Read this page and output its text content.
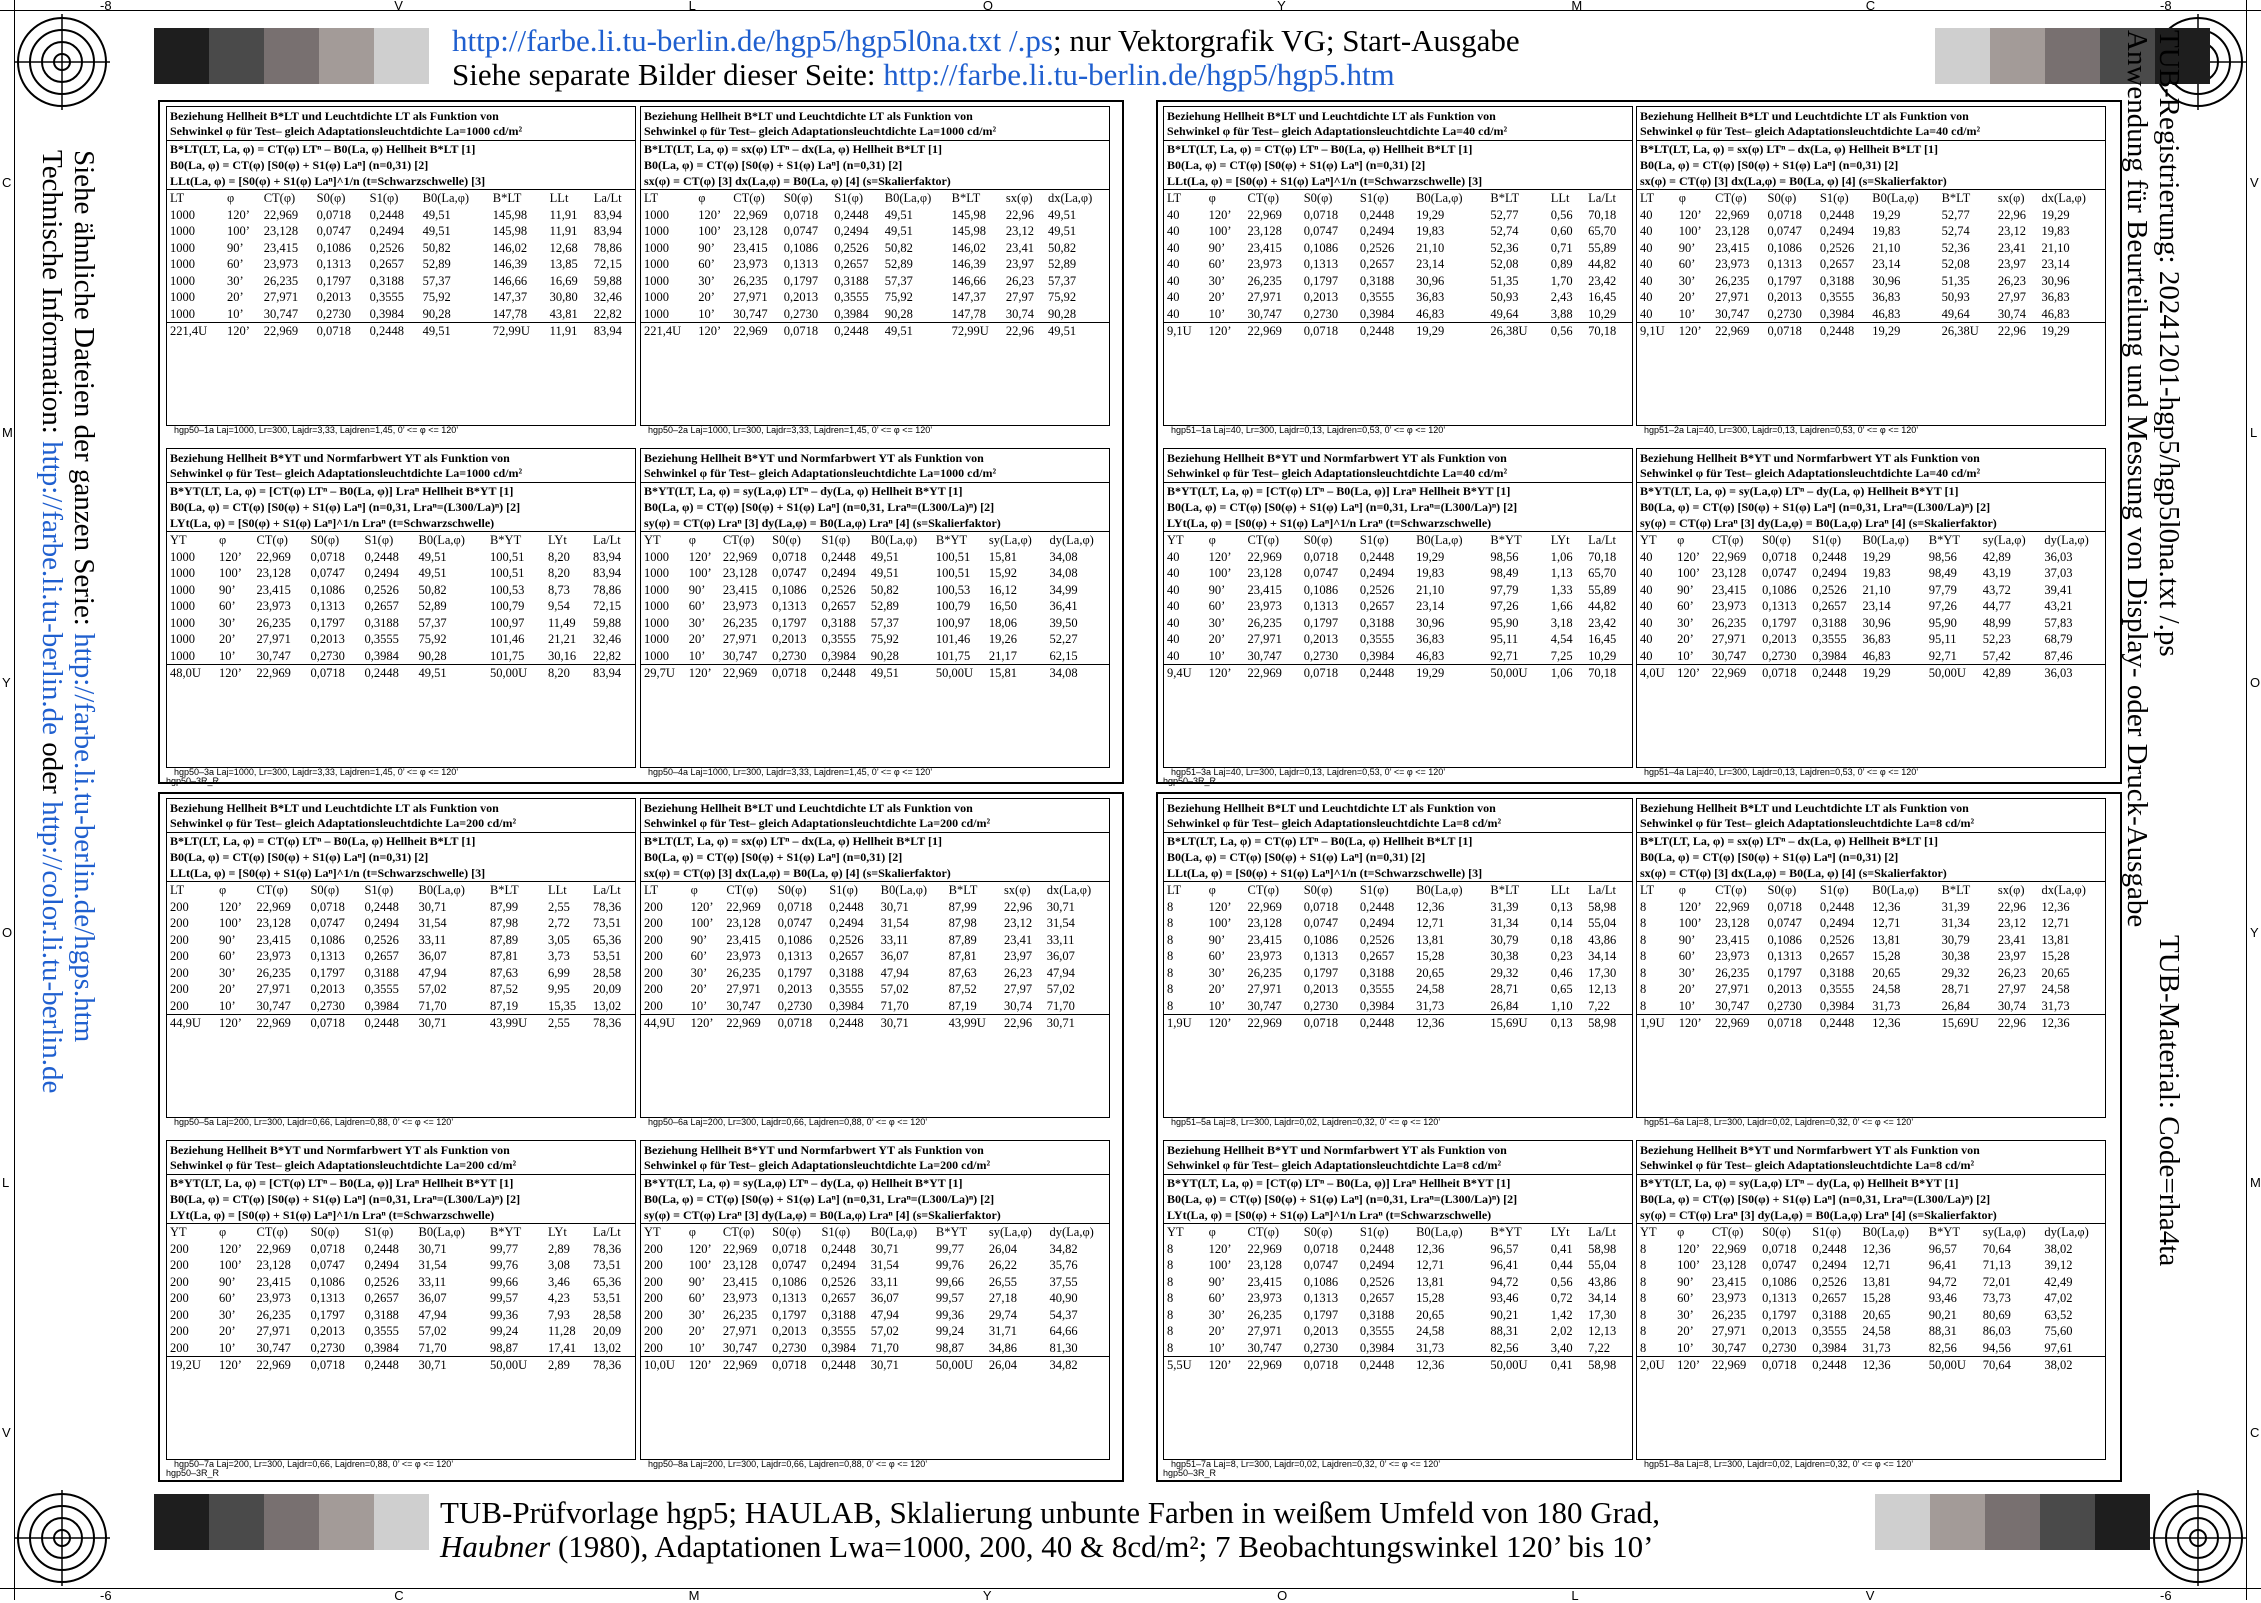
-8	V	L	O	Y	M	C	-8
-6	C	M	Y	O	L	V	-6
C
M
Y
O
L
V
V
L
O
Y
M
C
http://farbe.li.tu-berlin.de/hgp5/hgp5l0na.txt /.ps; nur Vektorgrafik VG; Start-Ausgabe
Siehe separate Bilder dieser Seite: http://farbe.li.tu-berlin.de/hgp5/hgp5.htm
TUB-Prüfvorlage hgp5; HAULAB, Sklalierung unbunte Farben in weißem Umfeld von 180 Grad,
Haubner (1980), Adaptationen Lwa=1000, 200, 40 & 8cd/m²; 7 Beobachtungswinkel 120’ bis 10’
Siehe ähnliche Dateien der ganzen Serie: http://farbe.li.tu-berlin.de/hgps.htm
Technische Information: http://farbe.li.tu-berlin.de oder http://color.li.tu-berlin.de
TUB-Registrierung: 20241201-hgp5/hgp5l0na.txt /.ps
Anwendung für Beurteilung und Messung von Display- oder Druck-Ausgabe
TUB-Material: Code=rha4ta
Beziehung Hellheit B*LT und Leuchtdichte LT als Funktion von
Sehwinkel φ für Test– gleich Adaptationsleuchtdichte La=1000 cd/m²
B*LT(LT, La, φ) = CT(φ) LTⁿ – B0(La, φ) Hellheit B*LT [1]
B0(La, φ) = CT(φ) [S0(φ) + S1(φ) Laⁿ] (n=0,31) [2]
LLt(La, φ) = [S0(φ) + S1(φ) Laⁿ]^1/n (t=Schwarzschwelle) [3]
LT	φ	CT(φ)	S0(φ)	S1(φ)	B0(La,φ)	B*LT	LLt	La/Lt
1000	120’	22,969	0,0718	0,2448	49,51	145,98	11,91	83,94
1000	100’	23,128	0,0747	0,2494	49,51	145,98	11,91	83,94
1000	90’	23,415	0,1086	0,2526	50,82	146,02	12,68	78,86
1000	60’	23,973	0,1313	0,2657	52,89	146,39	13,85	72,15
1000	30’	26,235	0,1797	0,3188	57,37	146,66	16,69	59,88
1000	20’	27,971	0,2013	0,3555	75,92	147,37	30,80	32,46
1000	10’	30,747	0,2730	0,3984	90,28	147,78	43,81	22,82
221,4U	120’	22,969	0,0718	0,2448	49,51	72,99U	11,91	83,94
hgp50–1a Laj=1000, Lr=300, Lajdr=3,33, Lajdren=1,45, 0’ <= φ <= 120’
Beziehung Hellheit B*LT und Leuchtdichte LT als Funktion von
Sehwinkel φ für Test– gleich Adaptationsleuchtdichte La=1000 cd/m²
B*LT(LT, La, φ) = sx(φ) LTⁿ – dx(La, φ) Hellheit B*LT [1]
B0(La, φ) = CT(φ) [S0(φ) + S1(φ) Laⁿ] (n=0,31) [2]
sx(φ) = CT(φ) [3] dx(La,φ) = B0(La, φ) [4] (s=Skalierfaktor)
LT	φ	CT(φ)	S0(φ)	S1(φ)	B0(La,φ)	B*LT	sx(φ)	dx(La,φ)
1000	120’	22,969	0,0718	0,2448	49,51	145,98	22,96	49,51
1000	100’	23,128	0,0747	0,2494	49,51	145,98	23,12	49,51
1000	90’	23,415	0,1086	0,2526	50,82	146,02	23,41	50,82
1000	60’	23,973	0,1313	0,2657	52,89	146,39	23,97	52,89
1000	30’	26,235	0,1797	0,3188	57,37	146,66	26,23	57,37
1000	20’	27,971	0,2013	0,3555	75,92	147,37	27,97	75,92
1000	10’	30,747	0,2730	0,3984	90,28	147,78	30,74	90,28
221,4U	120’	22,969	0,0718	0,2448	49,51	72,99U	22,96	49,51
hgp50–2a Laj=1000, Lr=300, Lajdr=3,33, Lajdren=1,45, 0’ <= φ <= 120’
Beziehung Hellheit B*LT und Leuchtdichte LT als Funktion von
Sehwinkel φ für Test– gleich Adaptationsleuchtdichte La=40 cd/m²
B*LT(LT, La, φ) = CT(φ) LTⁿ – B0(La, φ) Hellheit B*LT [1]
B0(La, φ) = CT(φ) [S0(φ) + S1(φ) Laⁿ] (n=0,31) [2]
LLt(La, φ) = [S0(φ) + S1(φ) Laⁿ]^1/n (t=Schwarzschwelle) [3]
LT	φ	CT(φ)	S0(φ)	S1(φ)	B0(La,φ)	B*LT	LLt	La/Lt
40	120’	22,969	0,0718	0,2448	19,29	52,77	0,56	70,18
40	100’	23,128	0,0747	0,2494	19,83	52,74	0,60	65,70
40	90’	23,415	0,1086	0,2526	21,10	52,36	0,71	55,89
40	60’	23,973	0,1313	0,2657	23,14	52,08	0,89	44,82
40	30’	26,235	0,1797	0,3188	30,96	51,35	1,70	23,42
40	20’	27,971	0,2013	0,3555	36,83	50,93	2,43	16,45
40	10’	30,747	0,2730	0,3984	46,83	49,64	3,88	10,29
9,1U	120’	22,969	0,0718	0,2448	19,29	26,38U	0,56	70,18
hgp51–1a Laj=40, Lr=300, Lajdr=0,13, Lajdren=0,53, 0’ <= φ <= 120’
Beziehung Hellheit B*LT und Leuchtdichte LT als Funktion von
Sehwinkel φ für Test– gleich Adaptationsleuchtdichte La=40 cd/m²
B*LT(LT, La, φ) = sx(φ) LTⁿ – dx(La, φ) Hellheit B*LT [1]
B0(La, φ) = CT(φ) [S0(φ) + S1(φ) Laⁿ] (n=0,31) [2]
sx(φ) = CT(φ) [3] dx(La,φ) = B0(La, φ) [4] (s=Skalierfaktor)
LT	φ	CT(φ)	S0(φ)	S1(φ)	B0(La,φ)	B*LT	sx(φ)	dx(La,φ)
40	120’	22,969	0,0718	0,2448	19,29	52,77	22,96	19,29
40	100’	23,128	0,0747	0,2494	19,83	52,74	23,12	19,83
40	90’	23,415	0,1086	0,2526	21,10	52,36	23,41	21,10
40	60’	23,973	0,1313	0,2657	23,14	52,08	23,97	23,14
40	30’	26,235	0,1797	0,3188	30,96	51,35	26,23	30,96
40	20’	27,971	0,2013	0,3555	36,83	50,93	27,97	36,83
40	10’	30,747	0,2730	0,3984	46,83	49,64	30,74	46,83
9,1U	120’	22,969	0,0718	0,2448	19,29	26,38U	22,96	19,29
hgp51–2a Laj=40, Lr=300, Lajdr=0,13, Lajdren=0,53, 0’ <= φ <= 120’
Beziehung Hellheit B*YT und Normfarbwert YT als Funktion von
Sehwinkel φ für Test– gleich Adaptationsleuchtdichte La=1000 cd/m²
B*YT(LT, La, φ) = [CT(φ) LTⁿ – B0(La, φ)] Lraⁿ Hellheit B*YT [1]
B0(La, φ) = CT(φ) [S0(φ) + S1(φ) Laⁿ] (n=0,31, Lraⁿ=(L300/La)ⁿ) [2]
LYt(La, φ) = [S0(φ) + S1(φ) Laⁿ]^1/n Lraⁿ (t=Schwarzschwelle)
YT	φ	CT(φ)	S0(φ)	S1(φ)	B0(La,φ)	B*YT	LYt	La/Lt
1000	120’	22,969	0,0718	0,2448	49,51	100,51	8,20	83,94
1000	100’	23,128	0,0747	0,2494	49,51	100,51	8,20	83,94
1000	90’	23,415	0,1086	0,2526	50,82	100,53	8,73	78,86
1000	60’	23,973	0,1313	0,2657	52,89	100,79	9,54	72,15
1000	30’	26,235	0,1797	0,3188	57,37	100,97	11,49	59,88
1000	20’	27,971	0,2013	0,3555	75,92	101,46	21,21	32,46
1000	10’	30,747	0,2730	0,3984	90,28	101,75	30,16	22,82
48,0U	120’	22,969	0,0718	0,2448	49,51	50,00U	8,20	83,94
hgp50–3a Laj=1000, Lr=300, Lajdr=3,33, Lajdren=1,45, 0’ <= φ <= 120’
Beziehung Hellheit B*YT und Normfarbwert YT als Funktion von
Sehwinkel φ für Test– gleich Adaptationsleuchtdichte La=1000 cd/m²
B*YT(LT, La, φ) = sy(La,φ) LTⁿ – dy(La, φ) Hellheit B*YT [1]
B0(La, φ) = CT(φ) [S0(φ) + S1(φ) Laⁿ] (n=0,31, Lraⁿ=(L300/La)ⁿ) [2]
sy(φ) = CT(φ) Lraⁿ [3] dy(La,φ) = B0(La,φ) Lraⁿ [4] (s=Skalierfaktor)
YT	φ	CT(φ)	S0(φ)	S1(φ)	B0(La,φ)	B*YT	sy(La,φ)	dy(La,φ)
1000	120’	22,969	0,0718	0,2448	49,51	100,51	15,81	34,08
1000	100’	23,128	0,0747	0,2494	49,51	100,51	15,92	34,08
1000	90’	23,415	0,1086	0,2526	50,82	100,53	16,12	34,99
1000	60’	23,973	0,1313	0,2657	52,89	100,79	16,50	36,41
1000	30’	26,235	0,1797	0,3188	57,37	100,97	18,06	39,50
1000	20’	27,971	0,2013	0,3555	75,92	101,46	19,26	52,27
1000	10’	30,747	0,2730	0,3984	90,28	101,75	21,17	62,15
29,7U	120’	22,969	0,0718	0,2448	49,51	50,00U	15,81	34,08
hgp50–4a Laj=1000, Lr=300, Lajdr=3,33, Lajdren=1,45, 0’ <= φ <= 120’
Beziehung Hellheit B*YT und Normfarbwert YT als Funktion von
Sehwinkel φ für Test– gleich Adaptationsleuchtdichte La=40 cd/m²
B*YT(LT, La, φ) = [CT(φ) LTⁿ – B0(La, φ)] Lraⁿ Hellheit B*YT [1]
B0(La, φ) = CT(φ) [S0(φ) + S1(φ) Laⁿ] (n=0,31, Lraⁿ=(L300/La)ⁿ) [2]
LYt(La, φ) = [S0(φ) + S1(φ) Laⁿ]^1/n Lraⁿ (t=Schwarzschwelle)
YT	φ	CT(φ)	S0(φ)	S1(φ)	B0(La,φ)	B*YT	LYt	La/Lt
40	120’	22,969	0,0718	0,2448	19,29	98,56	1,06	70,18
40	100’	23,128	0,0747	0,2494	19,83	98,49	1,13	65,70
40	90’	23,415	0,1086	0,2526	21,10	97,79	1,33	55,89
40	60’	23,973	0,1313	0,2657	23,14	97,26	1,66	44,82
40	30’	26,235	0,1797	0,3188	30,96	95,90	3,18	23,42
40	20’	27,971	0,2013	0,3555	36,83	95,11	4,54	16,45
40	10’	30,747	0,2730	0,3984	46,83	92,71	7,25	10,29
9,4U	120’	22,969	0,0718	0,2448	19,29	50,00U	1,06	70,18
hgp51–3a Laj=40, Lr=300, Lajdr=0,13, Lajdren=0,53, 0’ <= φ <= 120’
Beziehung Hellheit B*YT und Normfarbwert YT als Funktion von
Sehwinkel φ für Test– gleich Adaptationsleuchtdichte La=40 cd/m²
B*YT(LT, La, φ) = sy(La,φ) LTⁿ – dy(La, φ) Hellheit B*YT [1]
B0(La, φ) = CT(φ) [S0(φ) + S1(φ) Laⁿ] (n=0,31, Lraⁿ=(L300/La)ⁿ) [2]
sy(φ) = CT(φ) Lraⁿ [3] dy(La,φ) = B0(La,φ) Lraⁿ [4] (s=Skalierfaktor)
YT	φ	CT(φ)	S0(φ)	S1(φ)	B0(La,φ)	B*YT	sy(La,φ)	dy(La,φ)
40	120’	22,969	0,0718	0,2448	19,29	98,56	42,89	36,03
40	100’	23,128	0,0747	0,2494	19,83	98,49	43,19	37,03
40	90’	23,415	0,1086	0,2526	21,10	97,79	43,72	39,41
40	60’	23,973	0,1313	0,2657	23,14	97,26	44,77	43,21
40	30’	26,235	0,1797	0,3188	30,96	95,90	48,99	57,83
40	20’	27,971	0,2013	0,3555	36,83	95,11	52,23	68,79
40	10’	30,747	0,2730	0,3984	46,83	92,71	57,42	87,46
4,0U	120’	22,969	0,0718	0,2448	19,29	50,00U	42,89	36,03
hgp51–4a Laj=40, Lr=300, Lajdr=0,13, Lajdren=0,53, 0’ <= φ <= 120’
Beziehung Hellheit B*LT und Leuchtdichte LT als Funktion von
Sehwinkel φ für Test– gleich Adaptationsleuchtdichte La=200 cd/m²
B*LT(LT, La, φ) = CT(φ) LTⁿ – B0(La, φ) Hellheit B*LT [1]
B0(La, φ) = CT(φ) [S0(φ) + S1(φ) Laⁿ] (n=0,31) [2]
LLt(La, φ) = [S0(φ) + S1(φ) Laⁿ]^1/n (t=Schwarzschwelle) [3]
LT	φ	CT(φ)	S0(φ)	S1(φ)	B0(La,φ)	B*LT	LLt	La/Lt
200	120’	22,969	0,0718	0,2448	30,71	87,99	2,55	78,36
200	100’	23,128	0,0747	0,2494	31,54	87,98	2,72	73,51
200	90’	23,415	0,1086	0,2526	33,11	87,89	3,05	65,36
200	60’	23,973	0,1313	0,2657	36,07	87,81	3,73	53,51
200	30’	26,235	0,1797	0,3188	47,94	87,63	6,99	28,58
200	20’	27,971	0,2013	0,3555	57,02	87,52	9,95	20,09
200	10’	30,747	0,2730	0,3984	71,70	87,19	15,35	13,02
44,9U	120’	22,969	0,0718	0,2448	30,71	43,99U	2,55	78,36
hgp50–5a Laj=200, Lr=300, Lajdr=0,66, Lajdren=0,88, 0’ <= φ <= 120’
Beziehung Hellheit B*LT und Leuchtdichte LT als Funktion von
Sehwinkel φ für Test– gleich Adaptationsleuchtdichte La=200 cd/m²
B*LT(LT, La, φ) = sx(φ) LTⁿ – dx(La, φ) Hellheit B*LT [1]
B0(La, φ) = CT(φ) [S0(φ) + S1(φ) Laⁿ] (n=0,31) [2]
sx(φ) = CT(φ) [3] dx(La,φ) = B0(La, φ) [4] (s=Skalierfaktor)
LT	φ	CT(φ)	S0(φ)	S1(φ)	B0(La,φ)	B*LT	sx(φ)	dx(La,φ)
200	120’	22,969	0,0718	0,2448	30,71	87,99	22,96	30,71
200	100’	23,128	0,0747	0,2494	31,54	87,98	23,12	31,54
200	90’	23,415	0,1086	0,2526	33,11	87,89	23,41	33,11
200	60’	23,973	0,1313	0,2657	36,07	87,81	23,97	36,07
200	30’	26,235	0,1797	0,3188	47,94	87,63	26,23	47,94
200	20’	27,971	0,2013	0,3555	57,02	87,52	27,97	57,02
200	10’	30,747	0,2730	0,3984	71,70	87,19	30,74	71,70
44,9U	120’	22,969	0,0718	0,2448	30,71	43,99U	22,96	30,71
hgp50–6a Laj=200, Lr=300, Lajdr=0,66, Lajdren=0,88, 0’ <= φ <= 120’
Beziehung Hellheit B*LT und Leuchtdichte LT als Funktion von
Sehwinkel φ für Test– gleich Adaptationsleuchtdichte La=8 cd/m²
B*LT(LT, La, φ) = CT(φ) LTⁿ – B0(La, φ) Hellheit B*LT [1]
B0(La, φ) = CT(φ) [S0(φ) + S1(φ) Laⁿ] (n=0,31) [2]
LLt(La, φ) = [S0(φ) + S1(φ) Laⁿ]^1/n (t=Schwarzschwelle) [3]
LT	φ	CT(φ)	S0(φ)	S1(φ)	B0(La,φ)	B*LT	LLt	La/Lt
8	120’	22,969	0,0718	0,2448	12,36	31,39	0,13	58,98
8	100’	23,128	0,0747	0,2494	12,71	31,34	0,14	55,04
8	90’	23,415	0,1086	0,2526	13,81	30,79	0,18	43,86
8	60’	23,973	0,1313	0,2657	15,28	30,38	0,23	34,14
8	30’	26,235	0,1797	0,3188	20,65	29,32	0,46	17,30
8	20’	27,971	0,2013	0,3555	24,58	28,71	0,65	12,13
8	10’	30,747	0,2730	0,3984	31,73	26,84	1,10	7,22
1,9U	120’	22,969	0,0718	0,2448	12,36	15,69U	0,13	58,98
hgp51–5a Laj=8, Lr=300, Lajdr=0,02, Lajdren=0,32, 0’ <= φ <= 120’
Beziehung Hellheit B*LT und Leuchtdichte LT als Funktion von
Sehwinkel φ für Test– gleich Adaptationsleuchtdichte La=8 cd/m²
B*LT(LT, La, φ) = sx(φ) LTⁿ – dx(La, φ) Hellheit B*LT [1]
B0(La, φ) = CT(φ) [S0(φ) + S1(φ) Laⁿ] (n=0,31) [2]
sx(φ) = CT(φ) [3] dx(La,φ) = B0(La, φ) [4] (s=Skalierfaktor)
LT	φ	CT(φ)	S0(φ)	S1(φ)	B0(La,φ)	B*LT	sx(φ)	dx(La,φ)
8	120’	22,969	0,0718	0,2448	12,36	31,39	22,96	12,36
8	100’	23,128	0,0747	0,2494	12,71	31,34	23,12	12,71
8	90’	23,415	0,1086	0,2526	13,81	30,79	23,41	13,81
8	60’	23,973	0,1313	0,2657	15,28	30,38	23,97	15,28
8	30’	26,235	0,1797	0,3188	20,65	29,32	26,23	20,65
8	20’	27,971	0,2013	0,3555	24,58	28,71	27,97	24,58
8	10’	30,747	0,2730	0,3984	31,73	26,84	30,74	31,73
1,9U	120’	22,969	0,0718	0,2448	12,36	15,69U	22,96	12,36
hgp51–6a Laj=8, Lr=300, Lajdr=0,02, Lajdren=0,32, 0’ <= φ <= 120’
Beziehung Hellheit B*YT und Normfarbwert YT als Funktion von
Sehwinkel φ für Test– gleich Adaptationsleuchtdichte La=200 cd/m²
B*YT(LT, La, φ) = [CT(φ) LTⁿ – B0(La, φ)] Lraⁿ Hellheit B*YT [1]
B0(La, φ) = CT(φ) [S0(φ) + S1(φ) Laⁿ] (n=0,31, Lraⁿ=(L300/La)ⁿ) [2]
LYt(La, φ) = [S0(φ) + S1(φ) Laⁿ]^1/n Lraⁿ (t=Schwarzschwelle)
YT	φ	CT(φ)	S0(φ)	S1(φ)	B0(La,φ)	B*YT	LYt	La/Lt
200	120’	22,969	0,0718	0,2448	30,71	99,77	2,89	78,36
200	100’	23,128	0,0747	0,2494	31,54	99,76	3,08	73,51
200	90’	23,415	0,1086	0,2526	33,11	99,66	3,46	65,36
200	60’	23,973	0,1313	0,2657	36,07	99,57	4,23	53,51
200	30’	26,235	0,1797	0,3188	47,94	99,36	7,93	28,58
200	20’	27,971	0,2013	0,3555	57,02	99,24	11,28	20,09
200	10’	30,747	0,2730	0,3984	71,70	98,87	17,41	13,02
19,2U	120’	22,969	0,0718	0,2448	30,71	50,00U	2,89	78,36
hgp50–7a Laj=200, Lr=300, Lajdr=0,66, Lajdren=0,88, 0’ <= φ <= 120’
Beziehung Hellheit B*YT und Normfarbwert YT als Funktion von
Sehwinkel φ für Test– gleich Adaptationsleuchtdichte La=200 cd/m²
B*YT(LT, La, φ) = sy(La,φ) LTⁿ – dy(La, φ) Hellheit B*YT [1]
B0(La, φ) = CT(φ) [S0(φ) + S1(φ) Laⁿ] (n=0,31, Lraⁿ=(L300/La)ⁿ) [2]
sy(φ) = CT(φ) Lraⁿ [3] dy(La,φ) = B0(La,φ) Lraⁿ [4] (s=Skalierfaktor)
YT	φ	CT(φ)	S0(φ)	S1(φ)	B0(La,φ)	B*YT	sy(La,φ)	dy(La,φ)
200	120’	22,969	0,0718	0,2448	30,71	99,77	26,04	34,82
200	100’	23,128	0,0747	0,2494	31,54	99,76	26,22	35,76
200	90’	23,415	0,1086	0,2526	33,11	99,66	26,55	37,55
200	60’	23,973	0,1313	0,2657	36,07	99,57	27,18	40,90
200	30’	26,235	0,1797	0,3188	47,94	99,36	29,74	54,37
200	20’	27,971	0,2013	0,3555	57,02	99,24	31,71	64,66
200	10’	30,747	0,2730	0,3984	71,70	98,87	34,86	81,30
10,0U	120’	22,969	0,0718	0,2448	30,71	50,00U	26,04	34,82
hgp50–8a Laj=200, Lr=300, Lajdr=0,66, Lajdren=0,88, 0’ <= φ <= 120’
Beziehung Hellheit B*YT und Normfarbwert YT als Funktion von
Sehwinkel φ für Test– gleich Adaptationsleuchtdichte La=8 cd/m²
B*YT(LT, La, φ) = [CT(φ) LTⁿ – B0(La, φ)] Lraⁿ Hellheit B*YT [1]
B0(La, φ) = CT(φ) [S0(φ) + S1(φ) Laⁿ] (n=0,31, Lraⁿ=(L300/La)ⁿ) [2]
LYt(La, φ) = [S0(φ) + S1(φ) Laⁿ]^1/n Lraⁿ (t=Schwarzschwelle)
YT	φ	CT(φ)	S0(φ)	S1(φ)	B0(La,φ)	B*YT	LYt	La/Lt
8	120’	22,969	0,0718	0,2448	12,36	96,57	0,41	58,98
8	100’	23,128	0,0747	0,2494	12,71	96,41	0,44	55,04
8	90’	23,415	0,1086	0,2526	13,81	94,72	0,56	43,86
8	60’	23,973	0,1313	0,2657	15,28	93,46	0,72	34,14
8	30’	26,235	0,1797	0,3188	20,65	90,21	1,42	17,30
8	20’	27,971	0,2013	0,3555	24,58	88,31	2,02	12,13
8	10’	30,747	0,2730	0,3984	31,73	82,56	3,40	7,22
5,5U	120’	22,969	0,0718	0,2448	12,36	50,00U	0,41	58,98
hgp51–7a Laj=8, Lr=300, Lajdr=0,02, Lajdren=0,32, 0’ <= φ <= 120’
Beziehung Hellheit B*YT und Normfarbwert YT als Funktion von
Sehwinkel φ für Test– gleich Adaptationsleuchtdichte La=8 cd/m²
B*YT(LT, La, φ) = sy(La,φ) LTⁿ – dy(La, φ) Hellheit B*YT [1]
B0(La, φ) = CT(φ) [S0(φ) + S1(φ) Laⁿ] (n=0,31, Lraⁿ=(L300/La)ⁿ) [2]
sy(φ) = CT(φ) Lraⁿ [3] dy(La,φ) = B0(La,φ) Lraⁿ [4] (s=Skalierfaktor)
YT	φ	CT(φ)	S0(φ)	S1(φ)	B0(La,φ)	B*YT	sy(La,φ)	dy(La,φ)
8	120’	22,969	0,0718	0,2448	12,36	96,57	70,64	38,02
8	100’	23,128	0,0747	0,2494	12,71	96,41	71,13	39,12
8	90’	23,415	0,1086	0,2526	13,81	94,72	72,01	42,49
8	60’	23,973	0,1313	0,2657	15,28	93,46	73,73	47,02
8	30’	26,235	0,1797	0,3188	20,65	90,21	80,69	63,52
8	20’	27,971	0,2013	0,3555	24,58	88,31	86,03	75,60
8	10’	30,747	0,2730	0,3984	31,73	82,56	94,56	97,61
2,0U	120’	22,969	0,0718	0,2448	12,36	50,00U	70,64	38,02
hgp51–8a Laj=8, Lr=300, Lajdr=0,02, Lajdren=0,32, 0’ <= φ <= 120’
hgp50–3R_R	hgp50–3R_R
hgp50–3R_R	hgp50–3R_R
